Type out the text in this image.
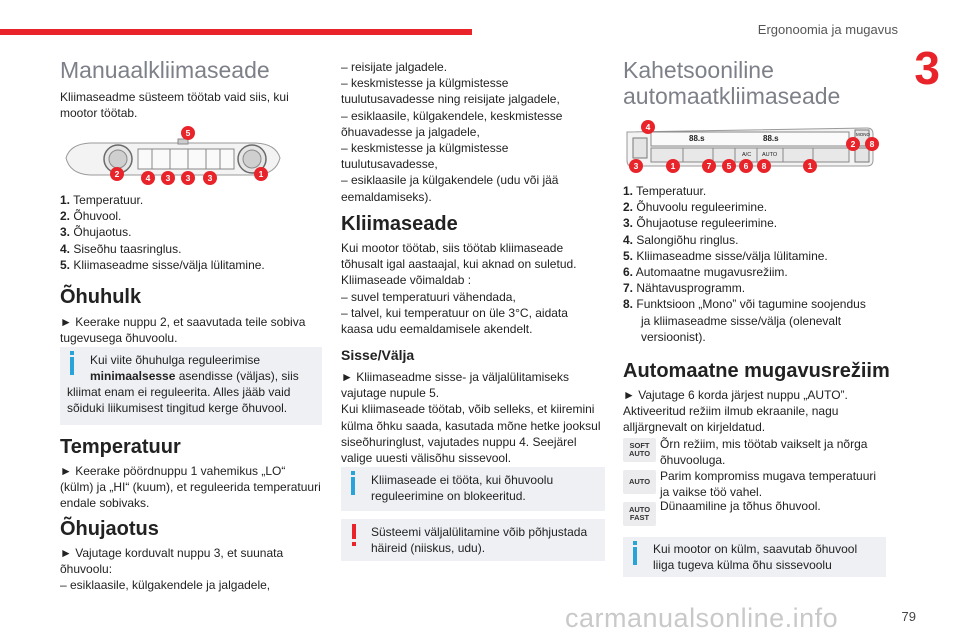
Ergonoomia ja mugavus
3
79
carmanualsonline.info
Manuaalkliimaseade
Kliimaseadme süsteem töötab vaid siis, kui mootor töötab.
5
2	4	3	3	3	1
1. Temperatuur.
2. Õhuvool.
3. Õhujaotus.
4. Siseõhu taasringlus.
5. Kliimaseadme sisse/välja lülitamine.
Õhuhulk
► Keerake nuppu 2, et saavutada teile sobiva
tugevusega õhuvoolu.
Kui viite õhuhulga reguleerimise
minimaalsesse asendisse (väljas), siis
kliimat enam ei reguleerita. Alles jääb vaid
sõiduki liikumisest tingitud kerge õhuvool.
Temperatuur
► Keerake pöördnuppu 1 vahemikus „LO“
(külm) ja „HI“ (kuum), et reguleerida temperatuuri
endale sobivaks.
Õhujaotus
► Vajutage korduvalt nuppu 3, et suunata
õhuvoolu:
– esiklaasile, külgakendele ja jalgadele,
– reisijate jalgadele.
– keskmistesse ja külgmistesse
tuulutusavadesse ning reisijate jalgadele,
– esiklaasile, külgakendele, keskmistesse
õhuavadesse ja jalgadele,
– keskmistesse ja külgmistesse
tuulutusavadesse,
– esiklaasile ja külgakendele (udu või jää
eemaldamiseks).
Kliimaseade
Kui mootor töötab, siis töötab kliimaseade
tõhusalt igal aastaajal, kui aknad on suletud.
Kliimaseade võimaldab :
– suvel temperatuuri vähendada,
– talvel, kui temperatuur on üle 3°C, aidata
kaasa udu eemaldamisele akendelt.
Sisse/Välja
► Kliimaseadme sisse- ja väljalülitamiseks
vajutage nupule 5.
Kui kliimaseade töötab, võib selleks, et kiiremini
külma õhku saada, kasutada mõne hetke jooksul
siseõhuringlust, vajutades nuppu 4. Seejärel
valige uuesti välisõhu sissevool.
Kliimaseade ei tööta, kui õhuvoolu
reguleerimine on blokeeritud.
Süsteemi väljalülitamine võib põhjustada
häireid (niiskus, udu).
Kahetsooniline
automaatkliimaseade
88.s	88.s
A/C AUTO
MONO
4
2	8
3	1	7	5	6	8	1
1. Temperatuur.
2. Õhuvoolu reguleerimine.
3. Õhujaotuse reguleerimine.
4. Salongiõhu ringlus.
5. Kliimaseadme sisse/välja lülitamine.
6. Automaatne mugavusrežiim.
7. Nähtavusprogramm.
8. Funktsioon „Mono” või tagumine soojendus
ja kliimaseadme sisse/välja (olenevalt
versioonist).
Automaatne mugavusrežiim
► Vajutage 6 korda järjest nuppu „AUTO”.
Aktiveeritud režiim ilmub ekraanile, nagu
alljärgnevalt on kirjeldatud.
SOFT
AUTO
Õrn režiim, mis töötab vaikselt ja nõrga
õhuvooluga.
AUTO Parim kompromiss mugava temperatuuri
ja vaikse töö vahel.
AUTO
FAST
Dünaamiline ja tõhus õhuvool.
Kui mootor on külm, saavutab õhuvool
liiga tugeva külma õhu sissevoolu
